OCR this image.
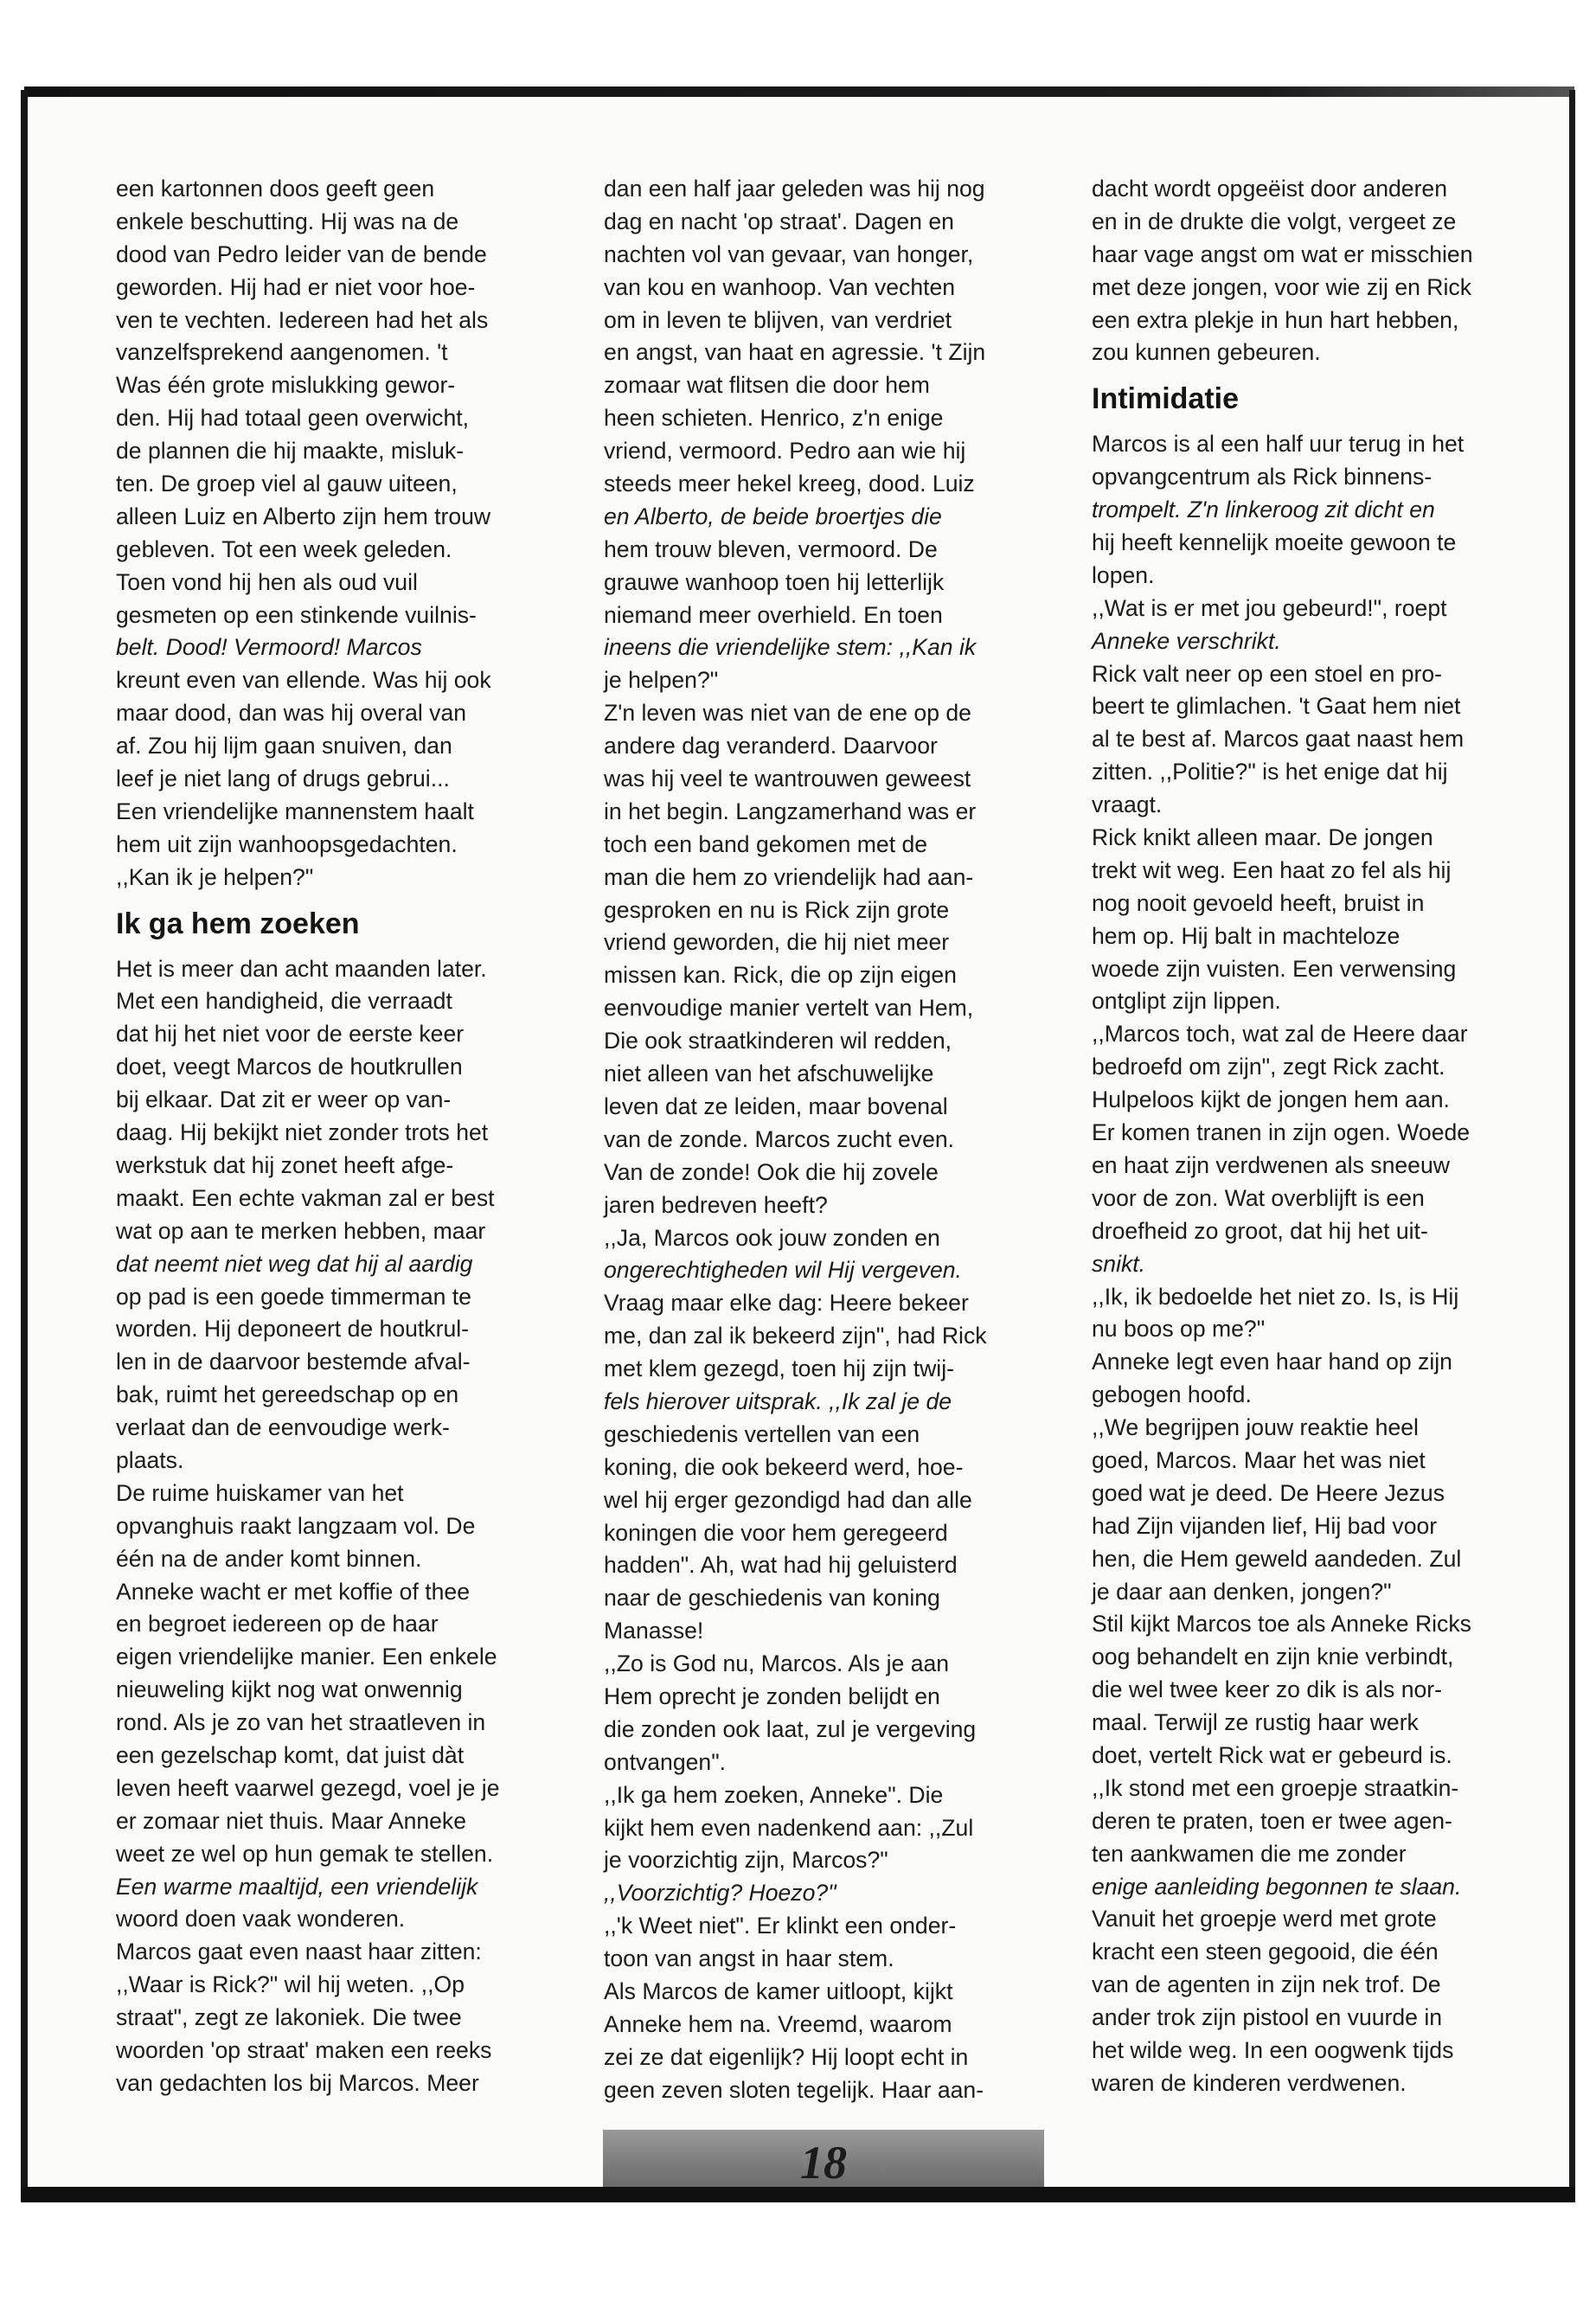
een kartonnen doos geeft geen
enkele beschutting. Hij was na de
dood van Pedro leider van de bende
geworden. Hij had er niet voor hoe-
ven te vechten. Iedereen had het als
vanzelfsprekend aangenomen. 't
Was één grote mislukking gewor-
den. Hij had totaal geen overwicht,
de plannen die hij maakte, misluk-
ten. De groep viel al gauw uiteen,
alleen Luiz en Alberto zijn hem trouw
gebleven. Tot een week geleden.
Toen vond hij hen als oud vuil
gesmeten op een stinkende vuilnis-
belt. Dood! Vermoord! Marcos
kreunt even van ellende. Was hij ook
maar dood, dan was hij overal van
af. Zou hij lijm gaan snuiven, dan
leef je niet lang of drugs gebrui...
Een vriendelijke mannenstem haalt
hem uit zijn wanhoopsgedachten.
,,Kan ik je helpen?"
Ik ga hem zoeken
Het is meer dan acht maanden later.
Met een handigheid, die verraadt
dat hij het niet voor de eerste keer
doet, veegt Marcos de houtkrullen
bij elkaar. Dat zit er weer op van-
daag. Hij bekijkt niet zonder trots het
werkstuk dat hij zonet heeft afge-
maakt. Een echte vakman zal er best
wat op aan te merken hebben, maar
dat neemt niet weg dat hij al aardig
op pad is een goede timmerman te
worden. Hij deponeert de houtkrul-
len in de daarvoor bestemde afval-
bak, ruimt het gereedschap op en
verlaat dan de eenvoudige werk-
plaats.
De ruime huiskamer van het
opvanghuis raakt langzaam vol. De
één na de ander komt binnen.
Anneke wacht er met koffie of thee
en begroet iedereen op de haar
eigen vriendelijke manier. Een enkele
nieuweling kijkt nog wat onwennig
rond. Als je zo van het straatleven in
een gezelschap komt, dat juist dàt
leven heeft vaarwel gezegd, voel je je
er zomaar niet thuis. Maar Anneke
weet ze wel op hun gemak te stellen.
Een warme maaltijd, een vriendelijk
woord doen vaak wonderen.
Marcos gaat even naast haar zitten:
,,Waar is Rick?" wil hij weten. ,,Op
straat", zegt ze lakoniek. Die twee
woorden 'op straat' maken een reeks
van gedachten los bij Marcos. Meer
dan een half jaar geleden was hij nog
dag en nacht 'op straat'. Dagen en
nachten vol van gevaar, van honger,
van kou en wanhoop. Van vechten
om in leven te blijven, van verdriet
en angst, van haat en agressie. 't Zijn
zomaar wat flitsen die door hem
heen schieten. Henrico, z'n enige
vriend, vermoord. Pedro aan wie hij
steeds meer hekel kreeg, dood. Luiz
en Alberto, de beide broertjes die
hem trouw bleven, vermoord. De
grauwe wanhoop toen hij letterlijk
niemand meer overhield. En toen
ineens die vriendelijke stem: ,,Kan ik
je helpen?"
Z'n leven was niet van de ene op de
andere dag veranderd. Daarvoor
was hij veel te wantrouwen geweest
in het begin. Langzamerhand was er
toch een band gekomen met de
man die hem zo vriendelijk had aan-
gesproken en nu is Rick zijn grote
vriend geworden, die hij niet meer
missen kan. Rick, die op zijn eigen
eenvoudige manier vertelt van Hem,
Die ook straatkinderen wil redden,
niet alleen van het afschuwelijke
leven dat ze leiden, maar bovenal
van de zonde. Marcos zucht even.
Van de zonde! Ook die hij zovele
jaren bedreven heeft?
,,Ja, Marcos ook jouw zonden en
ongerechtigheden wil Hij vergeven.
Vraag maar elke dag: Heere bekeer
me, dan zal ik bekeerd zijn", had Rick
met klem gezegd, toen hij zijn twij-
fels hierover uitsprak. ,,Ik zal je de
geschiedenis vertellen van een
koning, die ook bekeerd werd, hoe-
wel hij erger gezondigd had dan alle
koningen die voor hem geregeerd
hadden". Ah, wat had hij geluisterd
naar de geschiedenis van koning
Manasse!
,,Zo is God nu, Marcos. Als je aan
Hem oprecht je zonden belijdt en
die zonden ook laat, zul je vergeving
ontvangen".
,,Ik ga hem zoeken, Anneke". Die
kijkt hem even nadenkend aan: ,,Zul
je voorzichtig zijn, Marcos?"
,,Voorzichtig? Hoezo?"
,,'k Weet niet". Er klinkt een onder-
toon van angst in haar stem.
Als Marcos de kamer uitloopt, kijkt
Anneke hem na. Vreemd, waarom
zei ze dat eigenlijk? Hij loopt echt in
geen zeven sloten tegelijk. Haar aan-
dacht wordt opgeëist door anderen
en in de drukte die volgt, vergeet ze
haar vage angst om wat er misschien
met deze jongen, voor wie zij en Rick
een extra plekje in hun hart hebben,
zou kunnen gebeuren.
Intimidatie
Marcos is al een half uur terug in het
opvangcentrum als Rick binnens-
trompelt. Z'n linkeroog zit dicht en
hij heeft kennelijk moeite gewoon te
lopen.
,,Wat is er met jou gebeurd!", roept
Anneke verschrikt.
Rick valt neer op een stoel en pro-
beert te glimlachen. 't Gaat hem niet
al te best af. Marcos gaat naast hem
zitten. ,,Politie?" is het enige dat hij
vraagt.
Rick knikt alleen maar. De jongen
trekt wit weg. Een haat zo fel als hij
nog nooit gevoeld heeft, bruist in
hem op. Hij balt in machteloze
woede zijn vuisten. Een verwensing
ontglipt zijn lippen.
,,Marcos toch, wat zal de Heere daar
bedroefd om zijn", zegt Rick zacht.
Hulpeloos kijkt de jongen hem aan.
Er komen tranen in zijn ogen. Woede
en haat zijn verdwenen als sneeuw
voor de zon. Wat overblijft is een
droefheid zo groot, dat hij het uit-
snikt.
,,Ik, ik bedoelde het niet zo. Is, is Hij
nu boos op me?"
Anneke legt even haar hand op zijn
gebogen hoofd.
,,We begrijpen jouw reaktie heel
goed, Marcos. Maar het was niet
goed wat je deed. De Heere Jezus
had Zijn vijanden lief, Hij bad voor
hen, die Hem geweld aandeden. Zul
je daar aan denken, jongen?"
Stil kijkt Marcos toe als Anneke Ricks
oog behandelt en zijn knie verbindt,
die wel twee keer zo dik is als nor-
maal. Terwijl ze rustig haar werk
doet, vertelt Rick wat er gebeurd is.
,,Ik stond met een groepje straatkin-
deren te praten, toen er twee agen-
ten aankwamen die me zonder
enige aanleiding begonnen te slaan.
Vanuit het groepje werd met grote
kracht een steen gegooid, die één
van de agenten in zijn nek trof. De
ander trok zijn pistool en vuurde in
het wilde weg. In een oogwenk tijds
waren de kinderen verdwenen.
18
